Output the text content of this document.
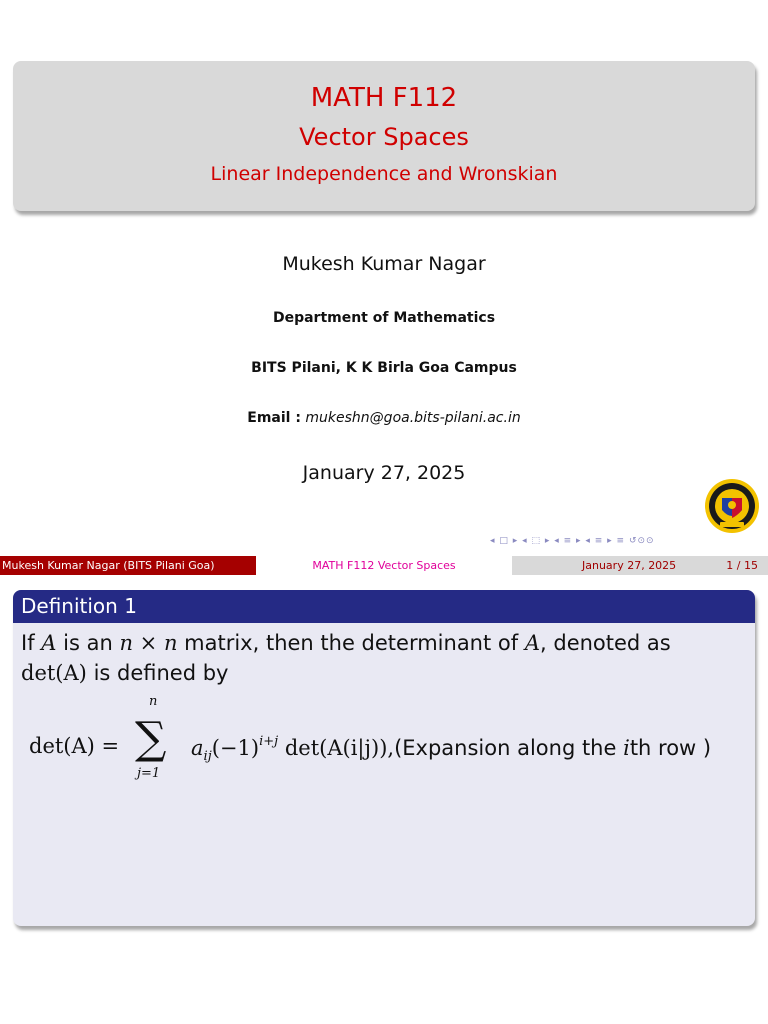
MATH F112
Vector Spaces
Linear Independence and Wronskian
Mukesh Kumar Nagar
Department of Mathematics
BITS Pilani, K K Birla Goa Campus
Email : mukeshn@goa.bits-pilani.ac.in
January 27, 2025
◂ □ ▸ ◂ ⬚ ▸ ◂ ≡ ▸ ◂ ≡ ▸ ≡ ↺⊙⊙
Mukesh Kumar Nagar (BITS Pilani Goa)	MATH F112 Vector Spaces	January 27, 2025	1 / 15
Definition 1
If A is an n × n matrix, then the determinant of A, denoted as
det(A) is defined by
det(A) =
n
∑
j=1
$a_{ij}(-1)^{i+j}$ det(A(i|j)),(Expansion along the ith row )
